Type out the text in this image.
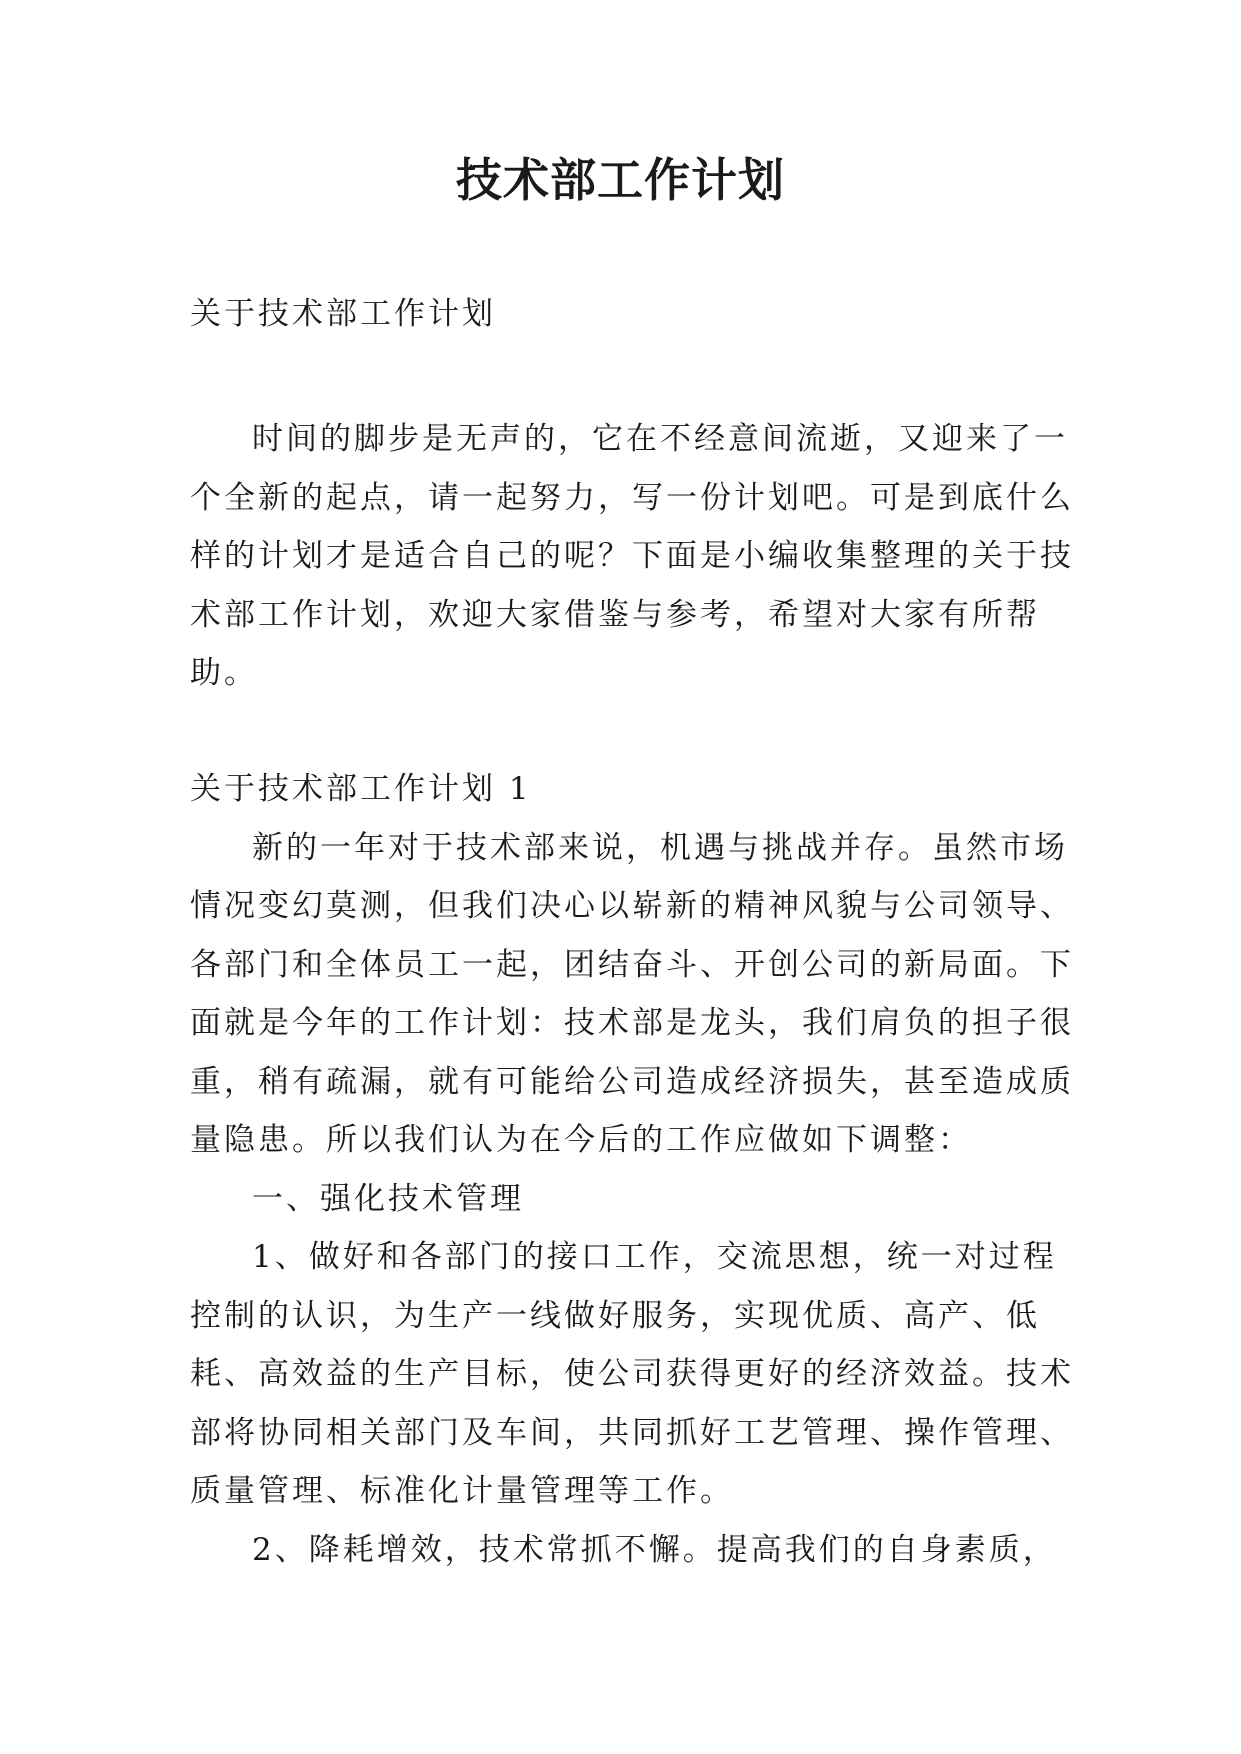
技术部工作计划
关于技术部工作计划

时间的脚步是无声的，它在不经意间流逝，又迎来了一个全新的起点，请一起努力，写一份计划吧。可是到底什么样的计划才是适合自己的呢？下面是小编收集整理的关于技术部工作计划，欢迎大家借鉴与参考，希望对大家有所帮助。

关于技术部工作计划 1

新的一年对于技术部来说，机遇与挑战并存。虽然市场情况变幻莫测，但我们决心以崭新的精神风貌与公司领导、各部门和全体员工一起，团结奋斗、开创公司的新局面。下面就是今年的工作计划：技术部是龙头，我们肩负的担子很重，稍有疏漏，就有可能给公司造成经济损失，甚至造成质量隐患。所以我们认为在今后的工作应做如下调整：

一、强化技术管理

1、做好和各部门的接口工作，交流思想，统一对过程控制的认识，为生产一线做好服务，实现优质、高产、低耗、高效益的生产目标，使公司获得更好的经济效益。技术部将协同相关部门及车间，共同抓好工艺管理、操作管理、质量管理、标准化计量管理等工作。

2、降耗增效，技术常抓不懈。提高我们的自身素质，
